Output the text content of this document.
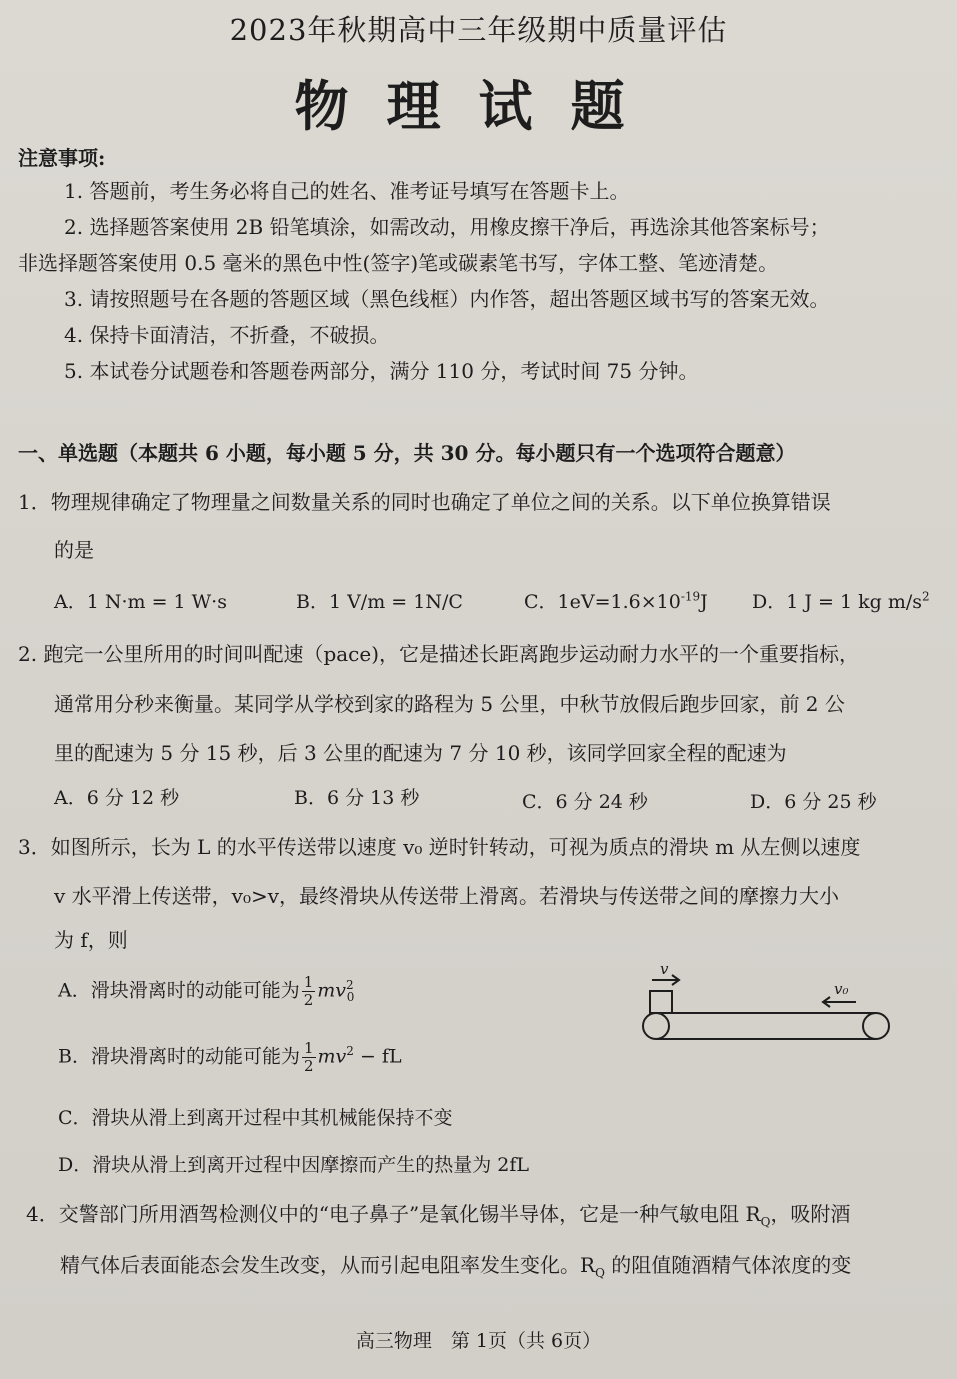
2023年秋期高中三年级期中质量评估
物理试题
注意事项:
1. 答题前，考生务必将自己的姓名、准考证号填写在答题卡上。
2. 选择题答案使用 2B 铅笔填涂，如需改动，用橡皮擦干净后，再选涂其他答案标号；
非选择题答案使用 0.5 毫米的黑色中性(签字)笔或碳素笔书写，字体工整、笔迹清楚。
3. 请按照题号在各题的答题区域（黑色线框）内作答，超出答题区域书写的答案无效。
4. 保持卡面清洁，不折叠，不破损。
5. 本试卷分试题卷和答题卷两部分，满分 110 分，考试时间 75 分钟。
一、单选题（本题共 6 小题，每小题 5 分，共 30 分。每小题只有一个选项符合题意）
1．物理规律确定了物理量之间数量关系的同时也确定了单位之间的关系。以下单位换算错误
的是
A．1 N·m = 1 W·s	B．1 V/m = 1N/C	C．$1eV=1.6\times 10^{-19}J$ D．1 J = 1 kg $m/s^2$
2. 跑完一公里所用的时间叫配速（pace)，它是描述长距离跑步运动耐力水平的一个重要指标，
通常用分秒来衡量。某同学从学校到家的路程为 5 公里，中秋节放假后跑步回家，前 2 公
里的配速为 5 分 15 秒，后 3 公里的配速为 7 分 10 秒，该同学回家全程的配速为
A．6 分 12 秒	B．6 分 13 秒	C．6 分 24 秒	D．6 分 25 秒
3．如图所示，长为 L 的水平传送带以速度 v₀ 逆时针转动，可视为质点的滑块 m 从左侧以速度
v 水平滑上传送带，v₀>v，最终滑块从传送带上滑离。若滑块与传送带之间的摩擦力大小
为 f，则
A．滑块滑离时的动能可能为 $\frac{1}{2} mv^2_0$
B．滑块滑离时的动能可能为 $\frac{1}{2} mv^2$ − fL
C．滑块从滑上到离开过程中其机械能保持不变
D．滑块从滑上到离开过程中因摩擦而产生的热量为 2fL
v
v₀
4．交警部门所用酒驾检测仪中的“电子鼻子”是氧化锡半导体，它是一种气敏电阻 $R_Q$，吸附酒
精气体后表面能态会发生改变，从而引起电阻率发生变化。$R_Q$ 的阻值随酒精气体浓度的变
高三物理　第 1页（共 6页）
